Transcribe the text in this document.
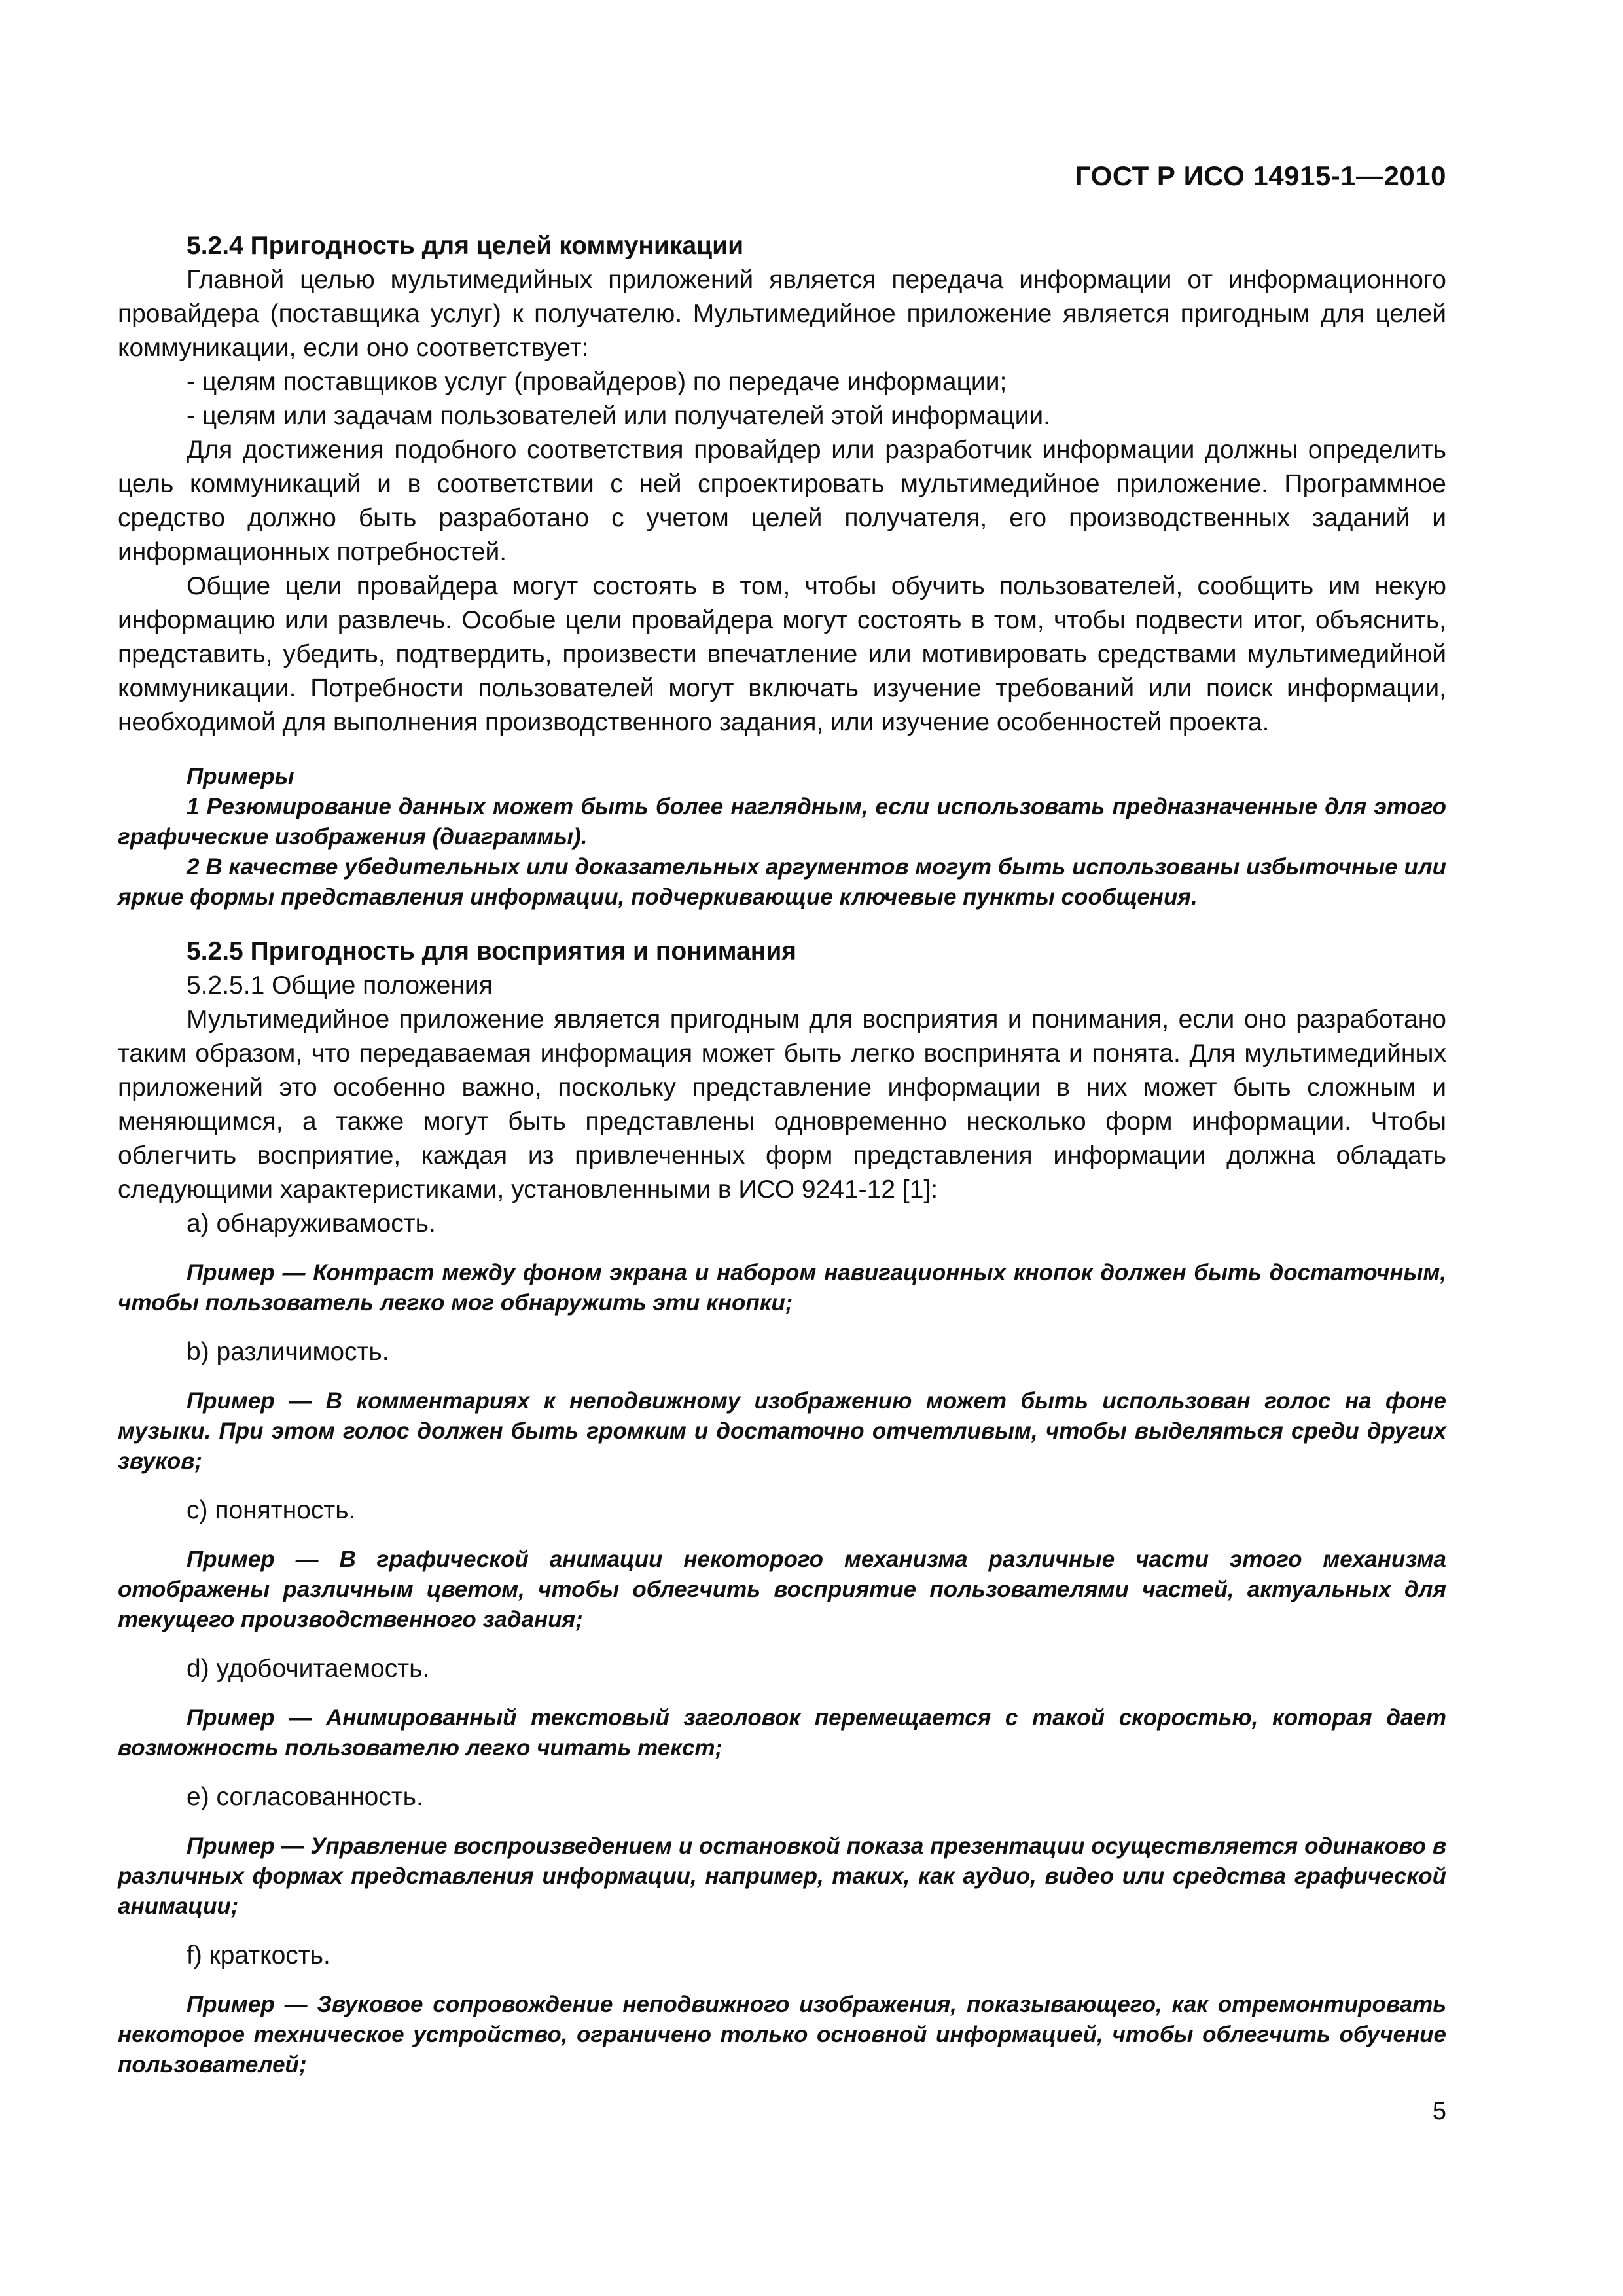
ГОСТ Р ИСО 14915-1—2010

5.2.4 Пригодность для целей коммуникации

Главной целью мультимедийных приложений является передача информации от информационного провайдера (поставщика услуг) к получателю. Мультимедийное приложение является пригодным для целей коммуникации, если оно соответствует:

- целям поставщиков услуг (провайдеров) по передаче информации;

- целям или задачам пользователей или получателей этой информации.

Для достижения подобного соответствия провайдер или разработчик информации должны определить цель коммуникаций и в соответствии с ней спроектировать мультимедийное приложение. Программное средство должно быть разработано с учетом целей получателя, его производственных заданий и информационных потребностей.

Общие цели провайдера могут состоять в том, чтобы обучить пользователей, сообщить им некую информацию или развлечь. Особые цели провайдера могут состоять в том, чтобы подвести итог, объяснить, представить, убедить, подтвердить, произвести впечатление или мотивировать средствами мультимедийной коммуникации. Потребности пользователей могут включать изучение требований или поиск информации, необходимой для выполнения производственного задания, или изучение особенностей проекта.

Примеры

1 Резюмирование данных может быть более наглядным, если использовать предназначенные для этого графические изображения (диаграммы).

2 В качестве убедительных или доказательных аргументов могут быть использованы избыточные или яркие формы представления информации, подчеркивающие ключевые пункты сообщения.

5.2.5 Пригодность для восприятия и понимания

5.2.5.1 Общие положения

Мультимедийное приложение является пригодным для восприятия и понимания, если оно разработано таким образом, что передаваемая информация может быть легко воспринята и понята. Для мультимедийных приложений это особенно важно, поскольку представление информации в них может быть сложным и меняющимся, а также могут быть представлены одновременно несколько форм информации. Чтобы облегчить восприятие, каждая из привлеченных форм представления информации должна обладать следующими характеристиками, установленными в ИСО 9241-12 [1]:

a) обнаруживамость.

Пример — Контраст между фоном экрана и набором навигационных кнопок должен быть достаточным, чтобы пользователь легко мог обнаружить эти кнопки;

b) различимость.

Пример — В комментариях к неподвижному изображению может быть использован голос на фоне музыки. При этом голос должен быть громким и достаточно отчетливым, чтобы выделяться среди других звуков;

c) понятность.

Пример — В графической анимации некоторого механизма различные части этого механизма отображены различным цветом, чтобы облегчить восприятие пользователями частей, актуальных для текущего производственного задания;

d) удобочитаемость.

Пример — Анимированный текстовый заголовок перемещается с такой скоростью, которая дает возможность пользователю легко читать текст;

e) согласованность.

Пример — Управление воспроизведением и остановкой показа презентации осуществляется одинаково в различных формах представления информации, например, таких, как аудио, видео или средства графической анимации;

f) краткость.

Пример — Звуковое сопровождение неподвижного изображения, показывающего, как отремонтировать некоторое техническое устройство, ограничено только основной информацией, чтобы облегчить обучение пользователей;

5
